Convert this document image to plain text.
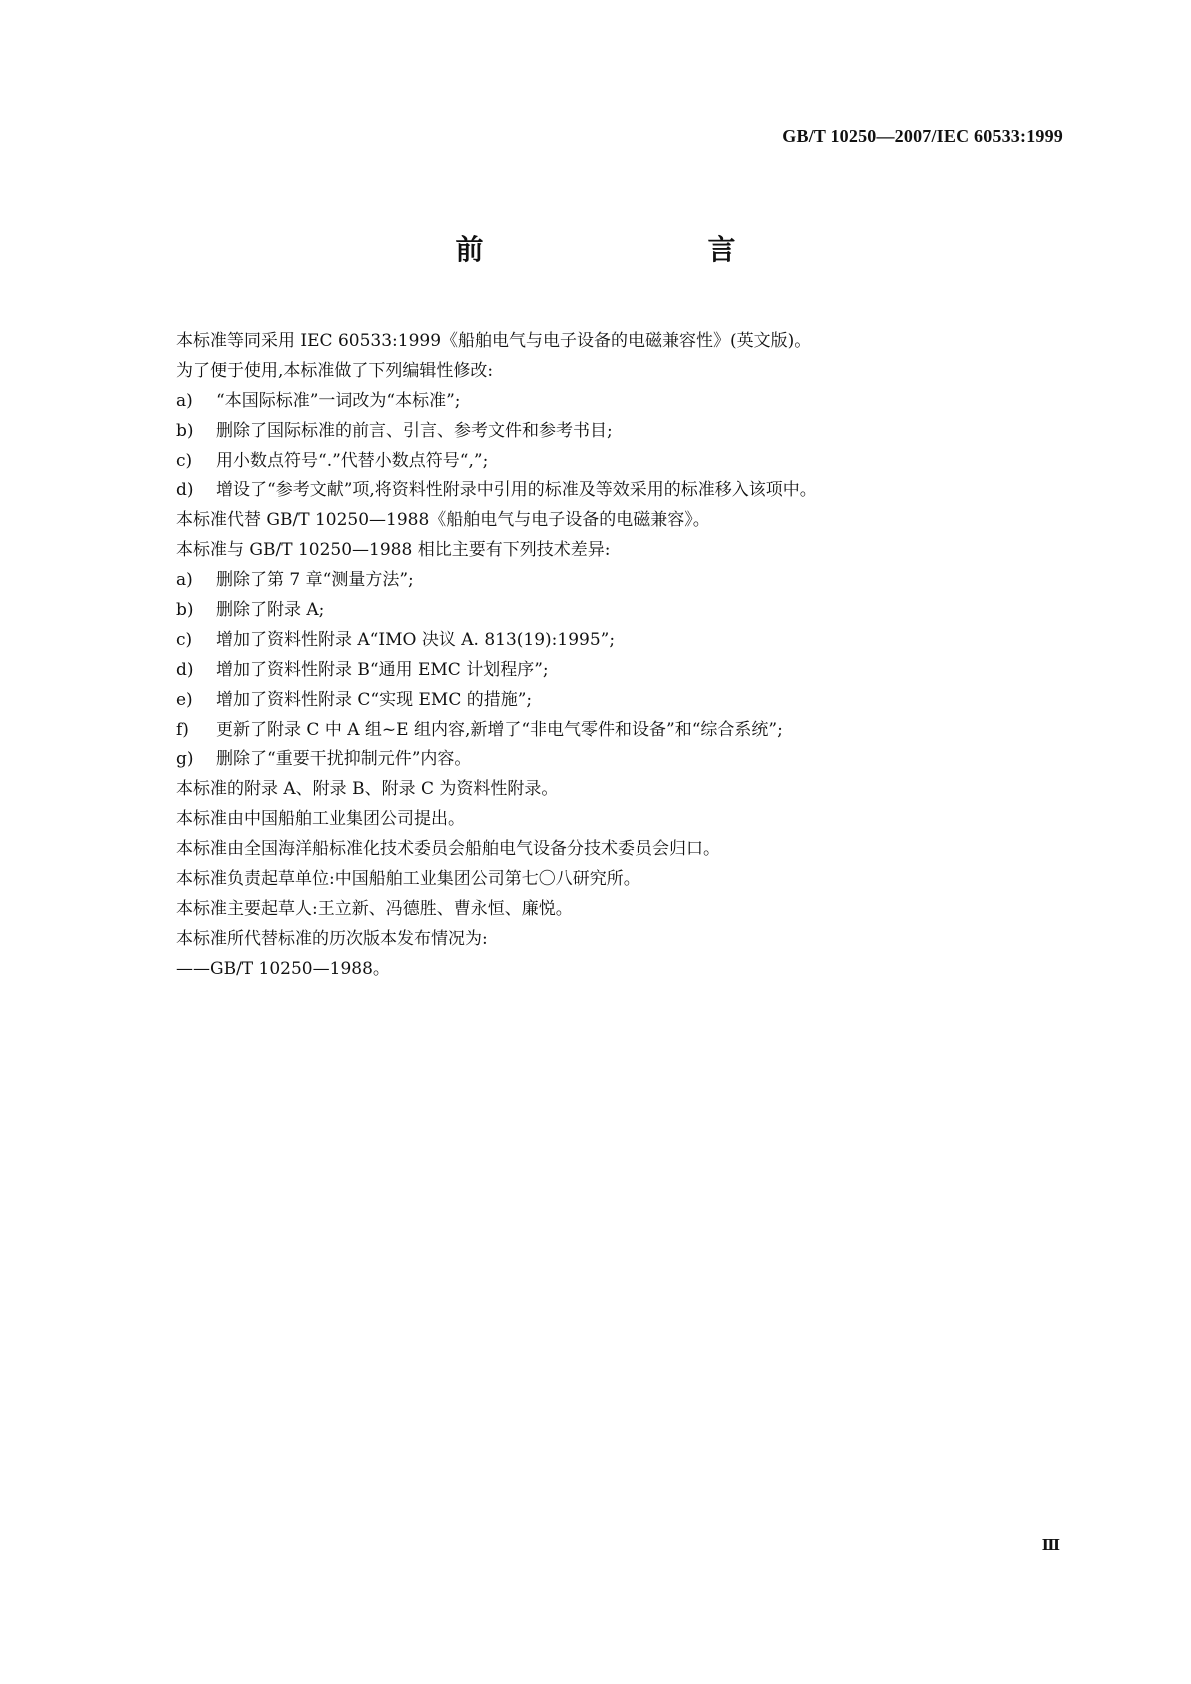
GB/T 10250—2007/IEC 60533:1999
前　　言
本标准等同采用 IEC 60533:1999《船舶电气与电子设备的电磁兼容性》(英文版)。
为了便于使用,本标准做了下列编辑性修改:
a)	“本国际标准”一词改为“本标准”;
b)	删除了国际标准的前言、引言、参考文件和参考书目;
c)	用小数点符号“.”代替小数点符号“,”;
d)	增设了“参考文献”项,将资料性附录中引用的标准及等效采用的标准移入该项中。
本标准代替 GB/T 10250—1988《船舶电气与电子设备的电磁兼容》。
本标准与 GB/T 10250—1988 相比主要有下列技术差异:
a)	删除了第 7 章“测量方法”;
b)	删除了附录 A;
c)	增加了资料性附录 A“IMO 决议 A. 813(19):1995”;
d)	增加了资料性附录 B“通用 EMC 计划程序”;
e)	增加了资料性附录 C“实现 EMC 的措施”;
f)	更新了附录 C 中 A 组~E 组内容,新增了“非电气零件和设备”和“综合系统”;
g)	删除了“重要干扰抑制元件”内容。
本标准的附录 A、附录 B、附录 C 为资料性附录。
本标准由中国船舶工业集团公司提出。
本标准由全国海洋船标准化技术委员会船舶电气设备分技术委员会归口。
本标准负责起草单位:中国船舶工业集团公司第七〇八研究所。
本标准主要起草人:王立新、冯德胜、曹永恒、廉悦。
本标准所代替标准的历次版本发布情况为:
——GB/T 10250—1988。
Ⅲ
